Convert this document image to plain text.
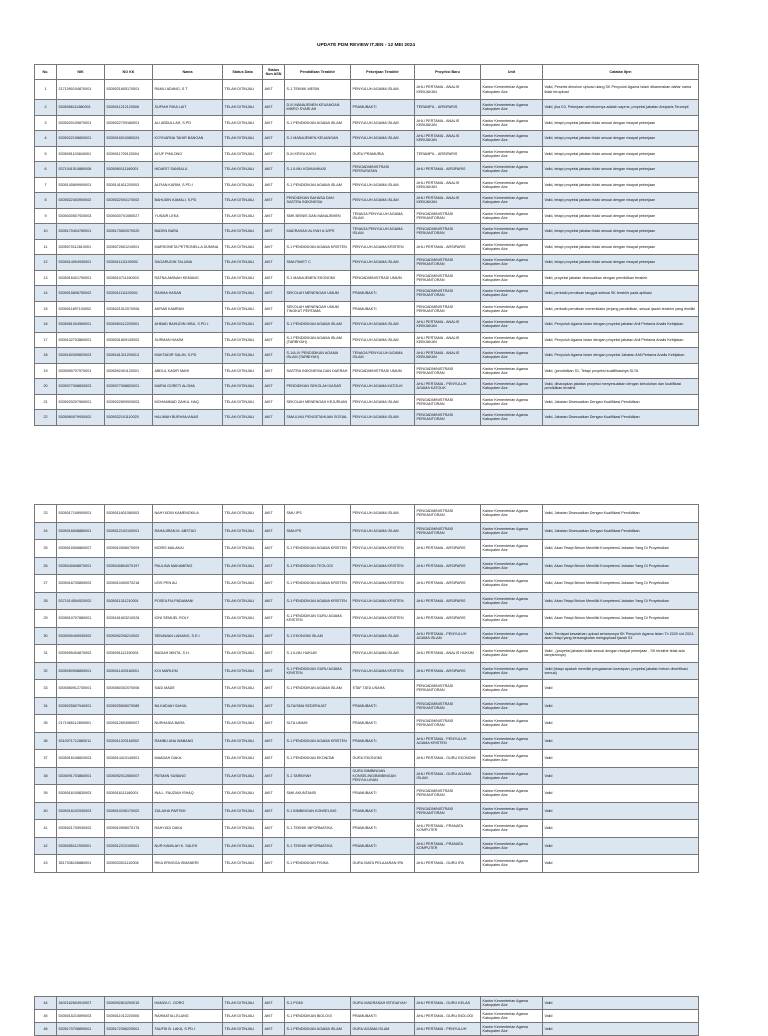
UPDATE PDM REVIEW ITJEN - 12 MEI 2024
No.	NIK	NO KK	Nama	Status Data	Status Non ASN	Pendidikan Terakhir	Pekerjaan Terakhir	Proyeksi Baru	Unit	Catatan Itjen
1	2171090104870001	5305021605170001	RAMLI ADANG, S.T	TELAH DITINJAU	AKIT	S-1 TEKNIK MESIN	PENYULUH AGAMA ISLAM	AHLI PERTAMA - ANALIS KEBIJAKAN	Kantor Kementerian Agama Kabupaten Alor	Valid, Peserta dimohon upload ulang SK Penyuluh Agama Islam dikarenakan daftar nama tidak terupload
2	5305066111880001	5305011212120006	SUPIAH RIKA LAIT	TELAH DITINJAU	AKIT	D-III MANAJEMEN KEUANGAN MIKRO SYARI AH	PRAMUBAKTI	TERAMPIL - ARSIPARIS	Kantor Kementerian Agama Kabupaten Alor	Valid, jika D3, Pekerjaan sebelumnya adalah saprns, proyeksi jabatan Arsiparis Terampil
3	5305020109870001	5305022709180001	ALI ABDULLAH, S.PD	TELAH DITINJAU	AKIT	S-1 PENDIDIKAN AGAMA ISLAM	PENYULUH AGAMA ISLAM	AHLI PERTAMA - ANALIS KEBIJAKAN	Kantor Kementerian Agama Kabupaten Alor	Valid, tetapi proyeksi jabatan tidak sesuai dengan riwayat pekerjaan
4	5305022108800001	5305016010080024	KOYDARNA TAHIR BANGAN	TELAH DITINJAU	AKIT	S-1 MANAJEMEN KEUANGAN	PENYULUH AGAMA ISLAM	AHLI PERTAMA - ANALIS KEBIJAKAN	Kantor Kementerian Agama Kabupaten Alor	Valid, tetapi proyeksi jabatan tidak sesuai dengan riwayat pekerjaan
5	5305091103840001	5305011709120004	AYUF PIMLONG	TELAH DITINJAU	AKIT	D-III KRIYA KAYU	GURU PRAMURIA	TERAMPIL - ARSIPARIS	Kantor Kementerian Agama Kabupaten Alor	Valid, tetapi proyeksi jabatan tidak sesuai dengan riwayat pekerjaan
6	5371041510880008	5305060111160001	HIDARIT SANSALU	TELAH DITINJAU	AKIT	S-1 ILMU KOMUNIKASI	PENGADMINISTRASI PERSURATAN	AHLI PERTAMA - ARSIPARIS	Kantor Kementerian Agama Kabupaten Alor	Valid, tetapi proyeksi jabatan tidak sesuai dengan riwayat pekerjaan
7	5305140809900001	5305141811200003	ALFIAN KARIM, S.PD.I	TELAH DITINJAU	AKIT	S-1 PENDIDIKAN AGAMA ISLAM	PENYULUH AGAMA ISLAM	AHLI PERTAMA - ANALIS KEBIJAKAN	Kantor Kementerian Agama Kabupaten Alor	Valid, tetapi proyeksi jabatan tidak sesuai dengan riwayat pekerjaan
8	5305022403900002	5305022004170002	BAHUDIN KAMALI, S.PD	TELAH DITINJAU	AKIT	PENDIDIKAN BAHASA DAN SASTRA INDONESIA	PENYULUH AGAMA ISLAM	AHLI PERTAMA - ANALIS KEBIJAKAN	Kantor Kementerian Agama Kabupaten Alor	Valid, tetapi proyeksi jabatan tidak sesuai dengan riwayat pekerjaan
9	5305030507920003	5305030701080027	YUSAIR LEKA	TELAH DITINJAU	AKIT	SMK BISNIS DAN MANAJEMEN	TENAGA PENYULUH AGAMA ISLAM	PENGADMINISTRASI PERKANTORAN	Kantor Kementerian Agama Kabupaten Alor	Valid, tetapi proyeksi jabatan tidak sesuai dengan riwayat pekerjaan
10	5305170404780001	5305170802070020	BADEN BARA	TELAH DITINJAU	AKIT	MADRASAH ALIYAH A.3/IPS	TENAGA PENYULUH AGAMA ISLAM	PENGADMINISTRASI PERKANTORAN	Kantor Kementerian Agama Kabupaten Alor	Valid, tetapi proyeksi jabatan tidak sesuai dengan riwayat pekerjaan
11	5305070112810001	5305072601210001	MARSONETA PETRONELLA DUMINA	TELAH DITINJAU	AKIT	S-1 PENDIDIKAN AGAMA KRISTEN	PENYULUH AGAMA KRISTEN	AHLI PERTAMA - ARSIPARIS	Kantor Kementerian Agama Kabupaten Alor	Valid, tetapi proyeksi jabatan tidak sesuai dengan riwayat pekerjaan
12	5305014904930001	5305011111190002	SAGARUDIN TALUMA	TELAH DITINJAU	AKIT	SMA PAKET C	PENYULUH AGAMA ISLAM	PENGADMINISTRASI PERKANTORAN	Kantor Kementerian Agama Kabupaten Alor	Valid, tetapi proyeksi jabatan tidak sesuai dengan riwayat pekerjaan
13	5305016401790001	5305010711160003	RATNA AMINAH KEMANG	TELAH DITINJAU	AKIT	S-1 MANAJEMEN EKONOMI	PENGADMINISTRASI UMUM	PENGADMINISTRASI PERKANTORAN	Kantor Kementerian Agama Kabupaten Alor	Valid, proyeksi jabatan disesuaikan dengan pendidikan terakhir
14	5305015806750002	5305011111100001	RAHMA HASAN	TELAH DITINJAU	AKIT	SEKOLAH MENENGAH UMUM	PRAMUBAKTI	PENGADMINISTRASI PERKANTORAN	Kantor Kementerian Agama Kabupaten Alor	Valid, perbaiki penulisan tanggal selesai SK terakhir pada aplikasi
15	5305011897100002	5305021512070006	AKRAB KAMRAN	TELAH DITINJAU	AKIT	SEKOLAH MENENGAH UMUM TINGKAT PERTAMA	PRAMUBAKTI	PENGADMINISTRASI PERKANTORAN	Kantor Kementerian Agama Kabupaten Alor	Valid, perbaiki penulisan nomenklatur jenjang pendidikan, sesuai ijazah terakhir yang dimiliki
16	5305061004960001	5305060112200001	AHMAD BAHUDIN HIBU, S.PD.I.	TELAH DITINJAU	AKIT	S-1 PENDIDIKAN AGAMA ISLAM	PENYULUH AGAMA ISLAM	AHLI PERTAMA - ANALIS KEBIJAKAN	Kantor Kementerian Agama Kabupaten Alor	Valid, Penyuluh Agama Islam dengan proyeksi jabatan Ahli Pertama Analis Kebijakan
17	5305102703860001	5305031809130002	SURMAN HAKIM	TELAH DITINJAU	AKIT	S-1 PENDIDIKAN AGAMA ISLAM (TARBIYAH)	PENYULUH AGAMA ISLAM	AHLI PERTAMA - ANALIS KEBIJAKAN	Kantor Kementerian Agama Kabupaten Alor	Valid, Penyuluh Agama Islam dengan proyeksi jabatan Ahli Pertama Analis Kebijakan
18	5305160309820003	5305161311200013	MUKTADIR SALIM, S.PD	TELAH DITINJAU	AKIT	S-1/A-IV PENDIDIKAN AGAMA ISLAM (TARBIYAH)	TENAGA PENYULUH AGAMA ISLAM	AHLI PERTAMA - ANALIS KEBIJAKAN	Kantor Kementerian Agama Kabupaten Alor	Valid, Penyuluh Agama Islam dengan proyeksi Jabatan Ahli Pertama Analis Kebijakan
19	5305090707970001	5305092401120001	ABDUL KADIR MAHI	TELAH DITINJAU	AKIT	SASTRA INDONESIA DAN DAERAH	PENGADMINISTRASI UMUM	PENGADMINISTRASI PERKANTORAN	Kantor Kementerian Agama Kabupaten Alor	Valid, (pendidikan S1, Tetapi proyeksi kualifikasinya SLTA
20	5305077008830003	5305077008820001	MARIA GORETI ALOMA	TELAH DITINJAU	AKIT	PENDIDIKAN SEKOLAH DASAR	PENYULUH AGAMA KATOLIK	AHLI PERTAMA - PENYULUH AGAMA KATOLIK	Kantor Kementerian Agama Kabupaten Alor	Valid, diharapkan jabatan proyeksi menyesuaikan dengan kebutuhan dan kualifikasi pendidikan terakhir
21	5305020207960001	5305022809920003	MOHAMMAD ZAHUL HAQ	TELAH DITINJAU	AKIT	SEKOLAH MENENGAH KEJURUAN	PENYULUH AGAMA ISLAM	PENGADMINISTRASI PERKANTORAN	Kantor Kementerian Agama Kabupaten Alor	Valid, Jabatan Disesuaikan Dengan Kualifikasi Pendidikan
22	5305060079930002	5305032101110020	HALIMAH BURHAN ANAS	TELAH DITINJAU	AKIT	SMA ILMU PENGETAHUAN SOSIAL	PENYULUH AGAMA ISLAM	PENGADMINISTRASI PERKANTORAN	Kantor Kementerian Agama Kabupaten Alor	Valid, Jabatan Disesuaikan Dengan Kualifikasi Pendidikan
23	5305017108900001	5305011601080003	NAHYUDIN KAMENGKILA	TELAH DITINJAU	AKIT	SMU IPS	PENYULUH AGAMA ISLAM	PENGADMINISTRASI PERKANTORAN	Kantor Kementerian Agama Kabupaten Alor	Valid, Jabatan Disesuaikan Dengan Kualifikasi Pendidikan
24	5305016608880001	5305012102100001	RAHAJIRAN M. ABSTAO	TELAH DITINJAU	AKIT	SMA IPS	PENYULUH AGAMA ISLAM	PENGADMINISTRASI PERKANTORAN	Kantor Kementerian Agama Kabupaten Alor	Valid, Jabatan Disesuaikan Dengan Kualifikasi Pendidikan
25	5305015506860007	5305010506070009	MORIS MALAKAI	TELAH DITINJAU	AKIT	S-1 PENDIDIKAN AGAMA KRISTEN	PENYULUH AGAMA KRISTEN	AHLI PERTAMA - ARSIPARIS	Kantor Kementerian Agama Kabupaten Alor	Valid, Akan Tetapi Belum Memiliki Kompetensi Jabatan Yang Di Proyeksikan
26	5305040608870001	5305040804070197	PAULINA MAKAMENG	TELAH DITINJAU	AKIT	S-1 PENDIDIKAN TEOLOGI	PENYULUH AGAMA KRISTEN	AHLI PERTAMA - ARSIPARIS	Kantor Kementerian Agama Kabupaten Alor	Valid, Akan Tetapi Belum Memiliki Kompetensi Jabatan Yang Di Proyeksikan
27	5305016705850003	5305010400070218	LEIS PEN AU	TELAH DITINJAU	AKIT	S-1 PENDIDIKAN AGAMA KRISTEN	PENYULUH AGAMA KRISTEN	AHLI PERTAMA - ARSIPARIS	Kantor Kementerian Agama Kabupaten Alor	Valid, Akan Tetapi Belum Memiliki Kompetensi Jabatan Yang Di Proyeksikan
28	5371014504920002	5305011311210001	POSEILFIA PADAMANI	TELAH DITINJAU	AKIT	S-1 PENDIDIKAN AGAMA KRISTEN	PENYULUH AGAMA KRISTEN	AHLI PERTAMA - ARSIPARIS	Kantor Kementerian Agama Kabupaten Alor	Valid, Akan Tetapi Belum Memiliki Kompetensi Jabatan Yang Di Proyeksikan
29	5305010707880001	5305161603210028	IONI SEMUEL ROLY	TELAH DITINJAU	AKIT	S-1 PENDIDIKAN GURU AGAMA KRISTEN	PENYULUH AGAMA KRISTEN	AHLI PERTAMA - ARSIPARIS	Kantor Kementerian Agama Kabupaten Alor	Valid, Akan Tetapi Belum Memiliki Kompetensi Jabatan Yang Di Proyeksikan
30	5305090406930002	5305092206210002	SENAWAN LAMANG, S.E.I.	TELAH DITINJAU	AKIT	S-1 EKONOMI ISLAM	PENYULUH AGAMA ISLAM	AHLI PERTAMA - PENYULUH AGAMA ISLAM	Kantor Kementerian Agama Kabupaten Alor	Valid, Terdapat kesalahan upload seharusnya SK Penyuluh Agama Islam Th 2020 s/d 2024. akan tetapi yang bersangkutan mengupload ijazah S1
31	5305095404870002	5305091112150001	BAIDAH MINTA, S.H.	TELAH DITINJAU	AKIT	S-1 ILMU HUKUM	PENYULUH AGAMA ISLAM	AHLI PERTAMA - ANALIS HUKUM	Kantor Kementerian Agama Kabupaten Alor	Valid , (proyeksi jabatan tidak sesuai dengan riwayat pekerjaan , SK terakhir tidak ada lampirannya)
32	5305050908850001	5305011403180001	KOI MARLEM	TELAH DITINJAU	AKIT	S-1 PENDIDIKAN GURU AGAMA KRISTEN	PENYULUH AGAMA KRISTEN	AHLI PERTAMA - ARSIPARIS	Kantor Kementerian Agama Kabupaten Alor	Valid (tetapi apakah memiliki pengalaman kearsipan, proyeksi jabatan belum diverifikasi semua)
33	5305060912730001	5305060302070006	SAID MADE	TELAH DITINJAU	AKIT	S-1 PENDIDIKAN AGAMA ISLAM	STAF TATA USAHA	PENGADMINISTRASI PERKANTORAN	Kantor Kementerian Agama Kabupaten Alor	Valid
34	5305025607940001	5305025506070085	BA KADIAH SAHUL	TELAH DITINJAU	AKIT	SLTA/SMA SEDERAJAT	PRAMUBAKTI	PENGADMINISTRASI PERKANTORAN	Kantor Kementerian Agama Kabupaten Alor	Valid
35	2171065112890001	5305012603080007	NURHAIDA BARA	TELAH DITINJAU	AKIT	SLTA UMUM	PRAMUBAKTI	PENGADMINISTRASI PERKANTORAN	Kantor Kementerian Agama Kabupaten Alor	Valid
36	5310071712880011	5305011203160002	RAMBU ANA WABANG	TELAH DITINJAU	AKIT	S-1 PENDIDIKAN AGAMA KRISTEN	PRAMUBAKTI	AHLI PERTAMA - PENYULUH AGAMA KRISTEN	Kantor Kementerian Agama Kabupaten Alor	Valid
37	5305016108820003	5305014410140001	MAADAH DAKA	TELAH DITINJAU	AKIT	S-1 PENDIDIKAN EKONOMI	GURU EKONOMI	AHLI PERTAMA - GURU EKONOMI	Kantor Kementerian Agama Kabupaten Alor	Valid
38	5305091703860001	5305092012060007	PATMAN SUBANG	TELAH DITINJAU	AKIT	S-1 TARBIYAH	GURU BIMBINGAN KONSELING/BIMBINGAN PENYULUHAN	AHLI PERTAMA - GURU AGAMA ISLAM	Kantor Kementerian Agama Kabupaten Alor	Valid
39	5305016105830003	5305016111160001	INA L. FAUZIAH ISHAQ	TELAH DITINJAU	AKIT	SMK AKUNTANSI	PRAMUBAKTI	PENGADMINISTRASI PERKANTORAN	Kantor Kementerian Agama Kabupaten Alor	Valid
40	5305016102930003	5305010206170002	ZULAIHA PARTIMI	TELAH DITINJAU	AKIT	S-1 BIMBINGAN KONSELING	PRAMUBAKTI	PENGADMINISTRASI PERKANTORAN	Kantor Kementerian Agama Kabupaten Alor	Valid
41	5305021705930002	5305010906070176	RAHYUDI DAKA	TELAH DITINJAU	AKIT	S-1 TEKNIK INFORMATIKA	PRAMUBAKTI	AHLI PERTAMA - PRANATA KOMPUTER	Kantor Kementerian Agama Kabupaten Alor	Valid
42	5305055112950001	5305012210190001	NUR KAMILAH K. SALEH	TELAH DITINJAU	AKIT	S-1 TEKNIK INFORMATIKA	PRAMUBAKTI	AHLI PERTAMA - PRANATA KOMPUTER	Kantor Kementerian Agama Kabupaten Alor	Valid
43	3517036106880001	5305033011110008	RIKA ERNGGA ISMANERI	TELAH DITINJAU	AKIT	S-1 PENDIDIKAN FISIKA	GURU MATA PELAJARAN IPA	AHLI PERTAMA - GURU IPA	Kantor Kementerian Agama Kabupaten Alor	Valid
44	3402162604910007	5305092810200015	HAMZA C. GORO	TELAH DITINJAU	AKIT	S-1 PGMI	GURU MADRASAH IBTIDAIYAH	AHLI PERTAMA - GURU KELAS	Kantor Kementerian Agama Kabupaten Alor	Valid
45	5305015210890003	5305011012220005	RAHMATIA LELANG	TELAH DITINJAU	AKIT	S-1 PENDIDIKAN BIOLOGI	PRAMUBAKTI	AHLI PERTAMA - GURU BIOLOGI	Kantor Kementerian Agama Kabupaten Alor	Valid
46	5305170708890001	5305172306220001	TAUFIK B. LAKA, S.PD.I	TELAH DITINJAU	AKIT	S-1 PENDIDIKAN AGAMA ISLAM	GURU AGAMA ISLAM	AHLI PERTAMA - PENYULUH	Kantor Kementerian Agama Kabupaten Alor	Valid
